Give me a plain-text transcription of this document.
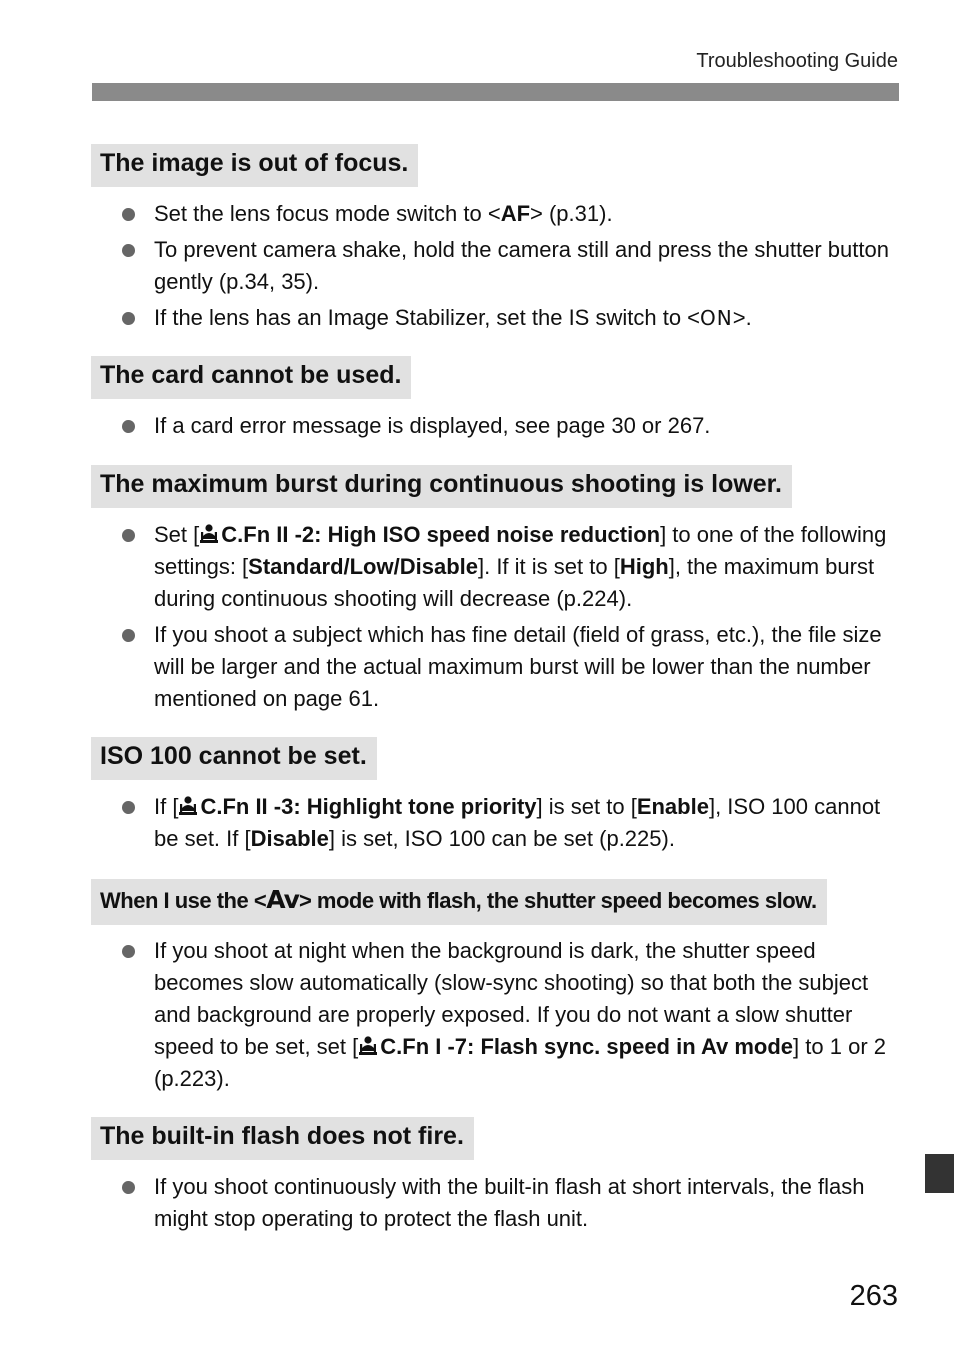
Troubleshooting Guide
The image is out of focus.
Set the lens focus mode switch to <AF> (p.31).
To prevent camera shake, hold the camera still and press the shutter button gently (p.34, 35).
If the lens has an Image Stabilizer, set the IS switch to <ON>.
The card cannot be used.
If a card error message is displayed, see page 30 or 267.
The maximum burst during continuous shooting is lower.
Set [ C.Fn II -2: High ISO speed noise reduction] to one of the following settings: [Standard/Low/Disable]. If it is set to [High], the maximum burst during continuous shooting will decrease (p.224).
If you shoot a subject which has fine detail (field of grass, etc.), the file size will be larger and the actual maximum burst will be lower than the number mentioned on page 61.
ISO 100 cannot be set.
If [ C.Fn II -3: Highlight tone priority] is set to [Enable], ISO 100 cannot be set. If [Disable] is set, ISO 100 can be set (p.225).
When I use the <Av> mode with flash, the shutter speed becomes slow.
If you shoot at night when the background is dark, the shutter speed becomes slow automatically (slow-sync shooting) so that both the subject and background are properly exposed. If you do not want a slow shutter speed to be set, set [ C.Fn I -7: Flash sync. speed in Av mode] to 1 or 2 (p.223).
The built-in flash does not fire.
If you shoot continuously with the built-in flash at short intervals, the flash might stop operating to protect the flash unit.
263
